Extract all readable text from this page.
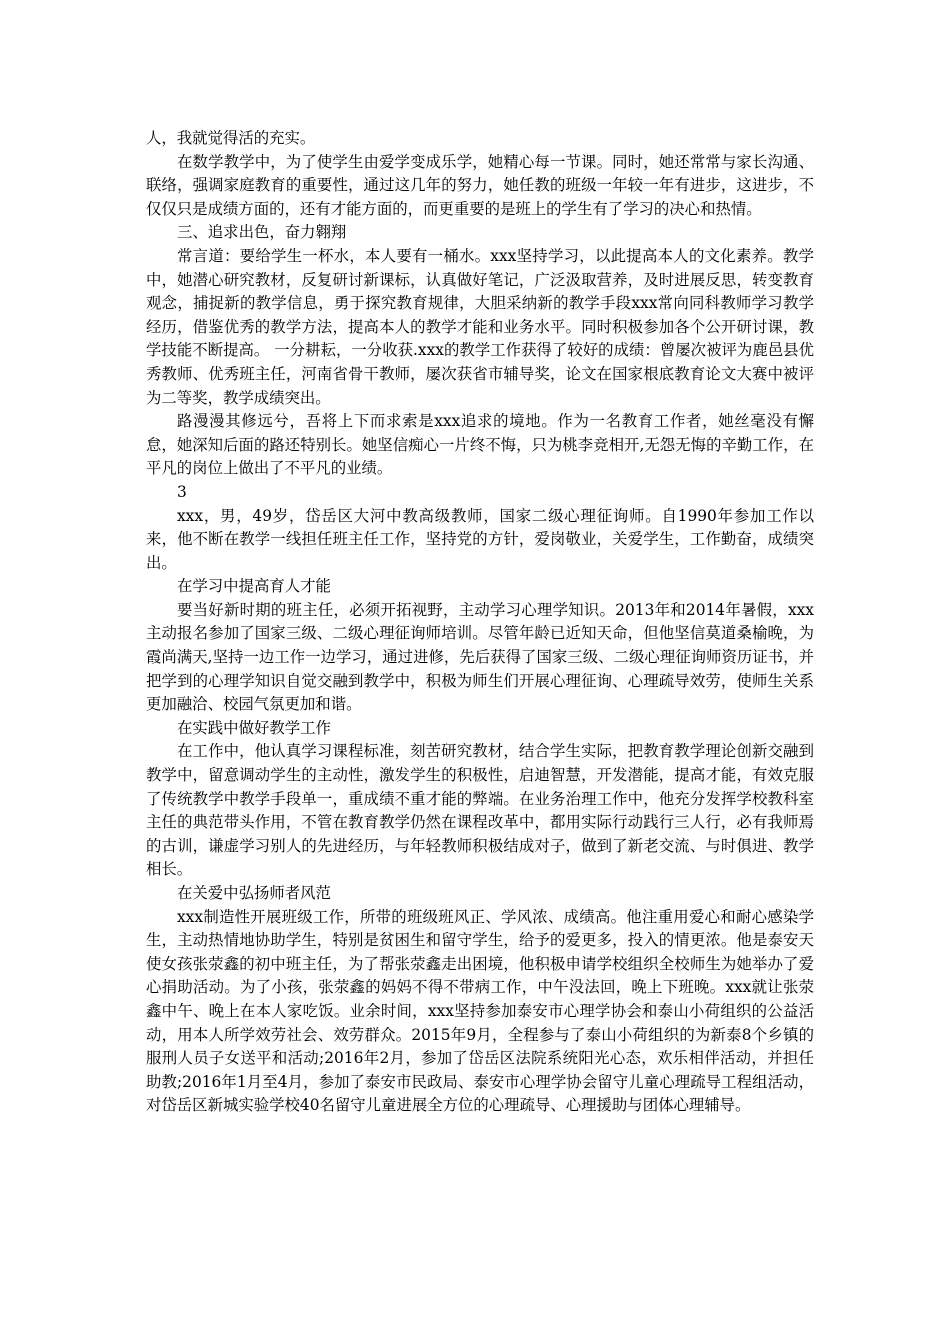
人，我就觉得活的充实。

在数学教学中，为了使学生由爱学变成乐学，她精心每一节课。同时，她还常常与家长沟通、联络，强调家庭教育的重要性，通过这几年的努力，她任教的班级一年较一年有进步，这进步，不仅仅只是成绩方面的，还有才能方面的，而更重要的是班上的学生有了学习的决心和热情。

三、追求出色，奋力翱翔

常言道：要给学生一杯水，本人要有一桶水。xxx坚持学习，以此提高本人的文化素养。教学中，她潜心研究教材，反复研讨新课标，认真做好笔记，广泛汲取营养，及时进展反思，转变教育观念，捕捉新的教学信息，勇于探究教育规律，大胆采纳新的教学手段xxx常向同科教师学习教学经历，借鉴优秀的教学方法，提高本人的教学才能和业务水平。同时积极参加各个公开研讨课，教学技能不断提高。 一分耕耘，一分收获.xxx的教学工作获得了较好的成绩：曾屡次被评为鹿邑县优秀教师、优秀班主任，河南省骨干教师，屡次获省市辅导奖，论文在国家根底教育论文大赛中被评为二等奖，教学成绩突出。

路漫漫其修远兮，吾将上下而求索是xxx追求的境地。作为一名教育工作者，她丝毫没有懈怠，她深知后面的路还特别长。她坚信痴心一片终不悔，只为桃李竞相开,无怨无悔的辛勤工作，在平凡的岗位上做出了不平凡的业绩。

3

xxx，男，49岁，岱岳区大河中教高级教师，国家二级心理征询师。自1990年参加工作以来，他不断在教学一线担任班主任工作，坚持党的方针，爱岗敬业，关爱学生，工作勤奋，成绩突出。

在学习中提高育人才能

要当好新时期的班主任，必须开拓视野，主动学习心理学知识。2013年和2014年暑假，xxx主动报名参加了国家三级、二级心理征询师培训。尽管年龄已近知天命，但他坚信莫道桑榆晚，为霞尚满天,坚持一边工作一边学习，通过进修，先后获得了国家三级、二级心理征询师资历证书，并把学到的心理学知识自觉交融到教学中，积极为师生们开展心理征询、心理疏导效劳，使师生关系更加融洽、校园气氛更加和谐。

在实践中做好教学工作

在工作中，他认真学习课程标准，刻苦研究教材，结合学生实际，把教育教学理论创新交融到教学中，留意调动学生的主动性，激发学生的积极性，启迪智慧，开发潜能，提高才能，有效克服了传统教学中教学手段单一，重成绩不重才能的弊端。在业务治理工作中，他充分发挥学校教科室主任的典范带头作用，不管在教育教学仍然在课程改革中，都用实际行动践行三人行，必有我师焉的古训，谦虚学习别人的先进经历，与年轻教师积极结成对子，做到了新老交流、与时俱进、教学相长。

在关爱中弘扬师者风范

xxx制造性开展班级工作，所带的班级班风正、学风浓、成绩高。他注重用爱心和耐心感染学生，主动热情地协助学生，特别是贫困生和留守学生，给予的爱更多，投入的情更浓。他是泰安天使女孩张荥鑫的初中班主任，为了帮张荥鑫走出困境，他积极申请学校组织全校师生为她举办了爱心捐助活动。为了小孩，张荥鑫的妈妈不得不带病工作，中午没法回，晚上下班晚。xxx就让张荥鑫中午、晚上在本人家吃饭。业余时间，xxx坚持参加泰安市心理学协会和泰山小荷组织的公益活动，用本人所学效劳社会、效劳群众。2015年9月，全程参与了泰山小荷组织的为新泰8个乡镇的服刑人员子女送平和活动;2016年2月，参加了岱岳区法院系统阳光心态，欢乐相伴活动，并担任助教;2016年1月至4月，参加了泰安市民政局、泰安市心理学协会留守儿童心理疏导工程组活动，对岱岳区新城实验学校40名留守儿童进展全方位的心理疏导、心理援助与团体心理辅导。
